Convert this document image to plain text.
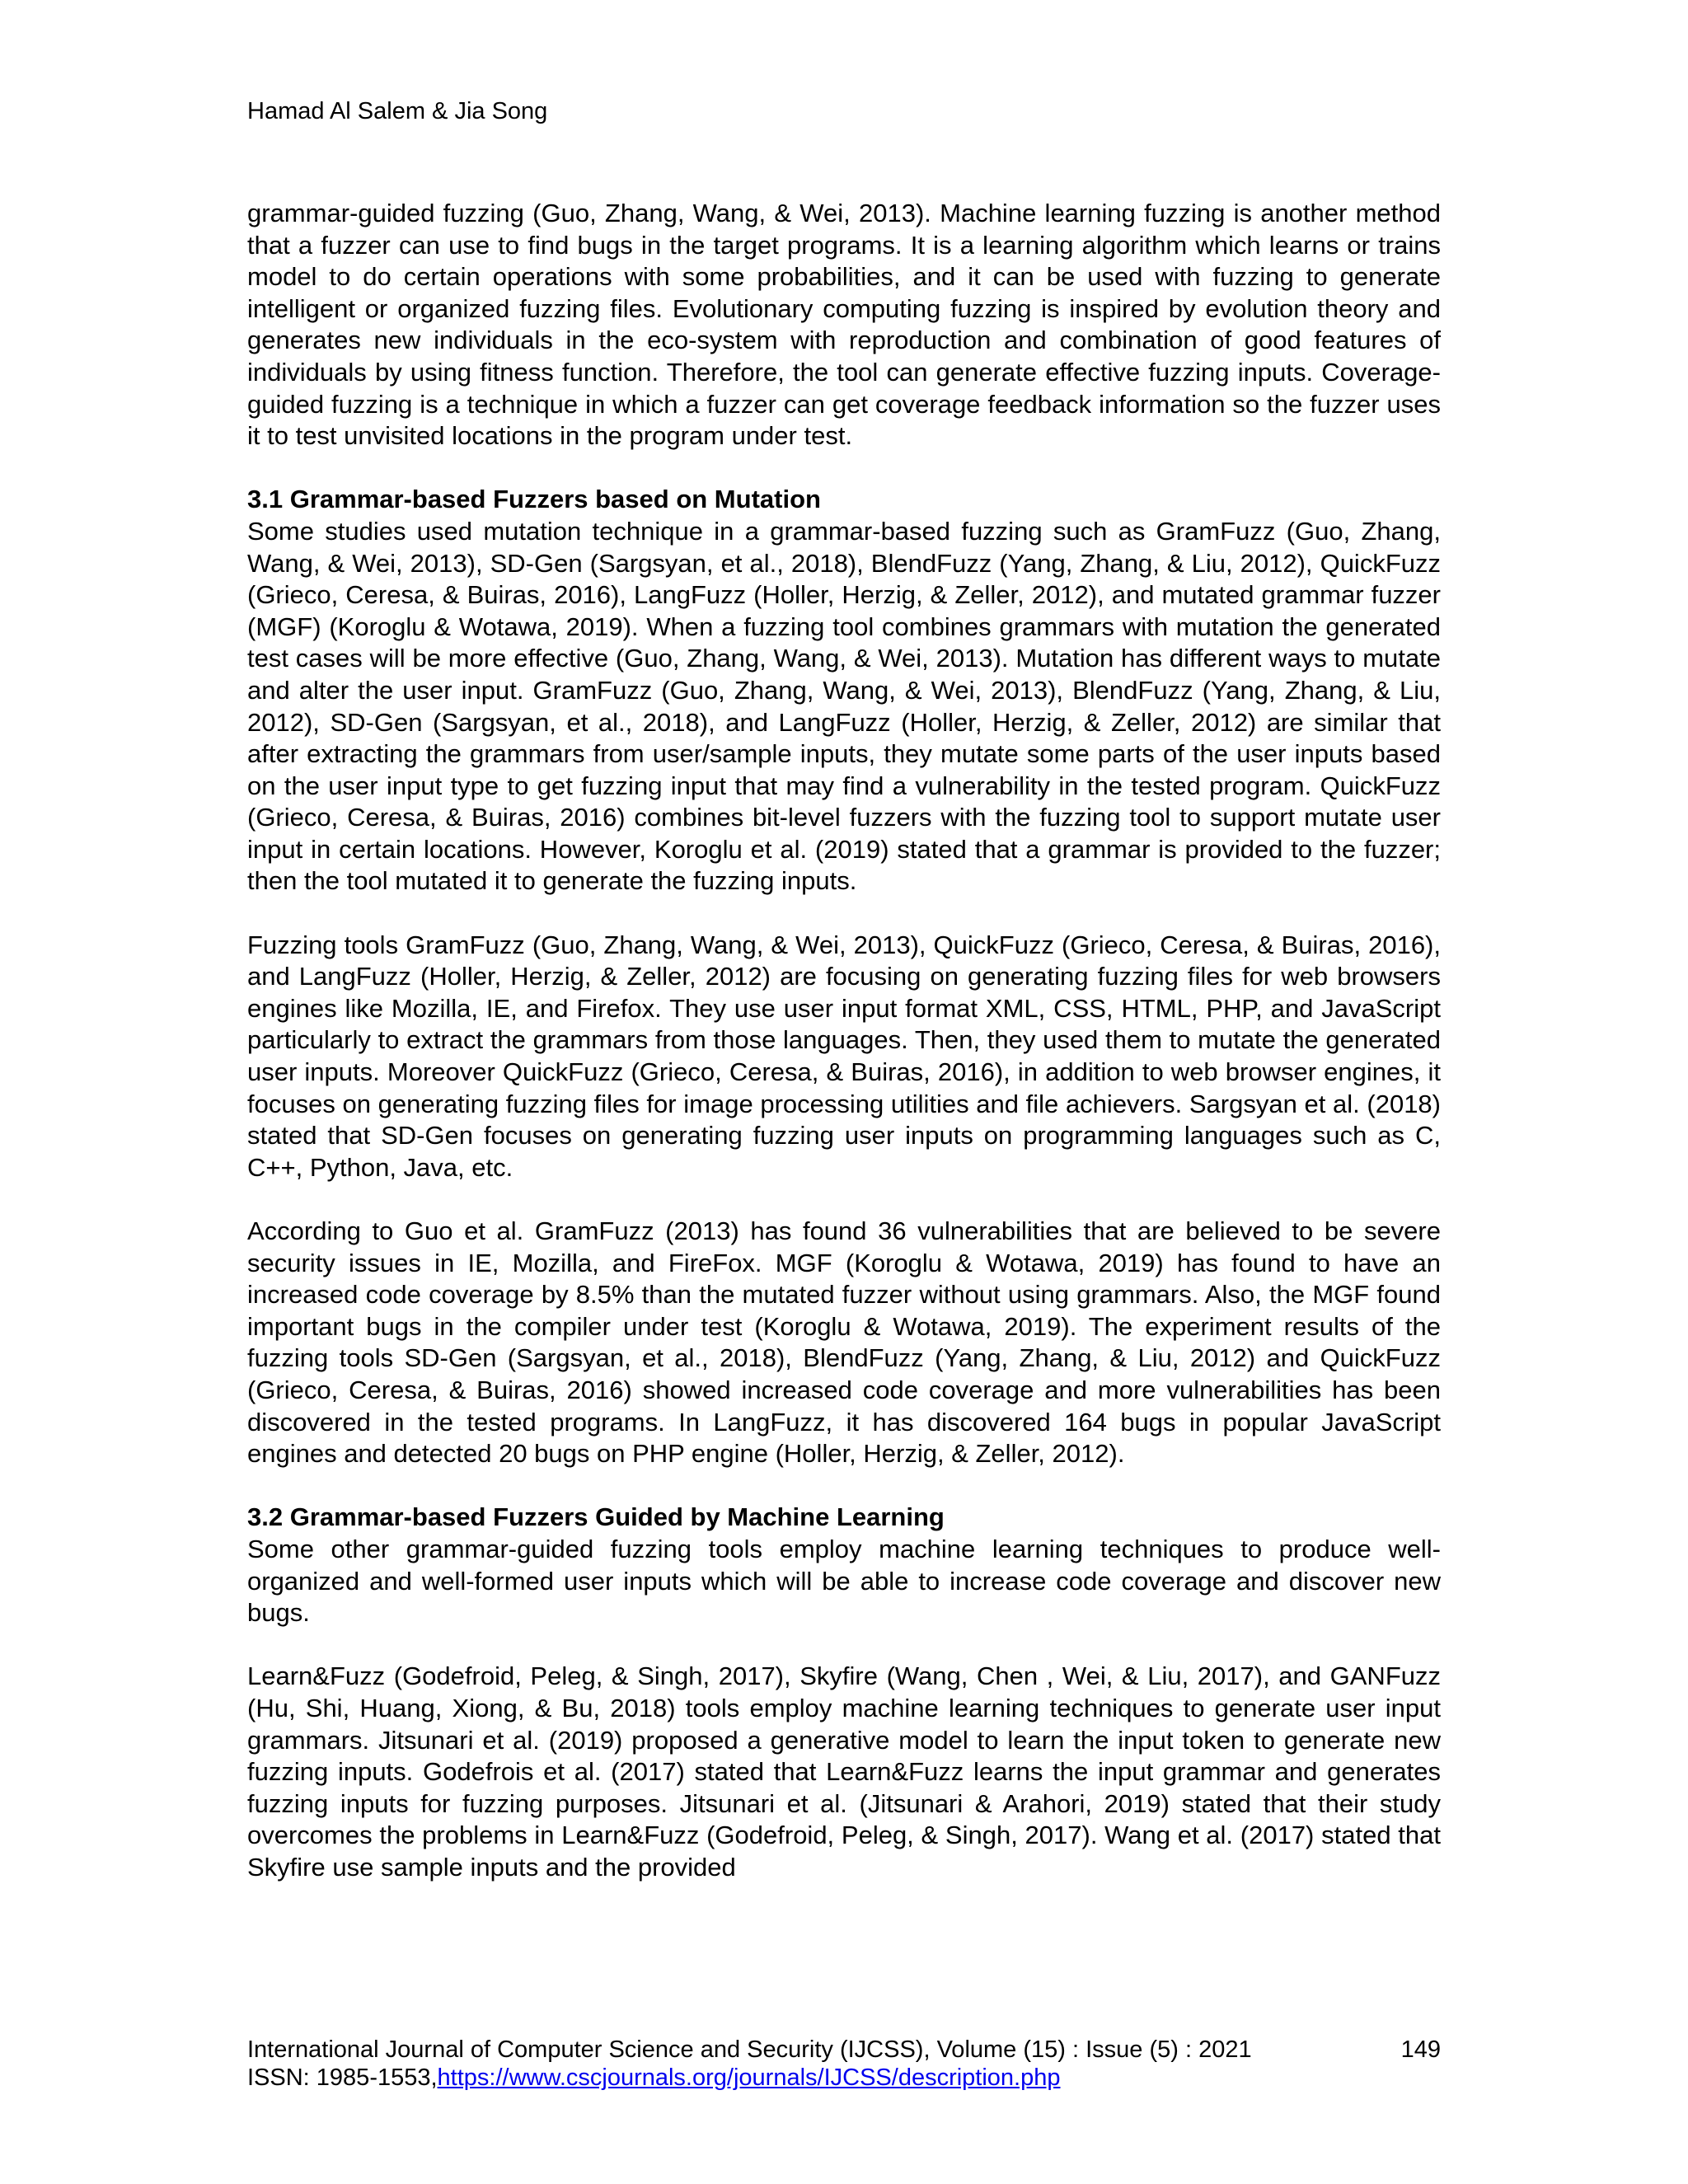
Hamad Al Salem & Jia Song

grammar-guided fuzzing (Guo, Zhang, Wang, & Wei, 2013). Machine learning fuzzing is another method that a fuzzer can use to find bugs in the target programs. It is a learning algorithm which learns or trains model to do certain operations with some probabilities, and it can be used with fuzzing to generate intelligent or organized fuzzing files. Evolutionary computing fuzzing is inspired by evolution theory and generates new individuals in the eco-system with reproduction and combination of good features of individuals by using fitness function. Therefore, the tool can generate effective fuzzing inputs. Coverage-guided fuzzing is a technique in which a fuzzer can get coverage feedback information so the fuzzer uses it to test unvisited locations in the program under test.

3.1 Grammar-based Fuzzers based on Mutation

Some studies used mutation technique in a grammar-based fuzzing such as GramFuzz (Guo, Zhang, Wang, & Wei, 2013), SD-Gen (Sargsyan, et al., 2018), BlendFuzz (Yang, Zhang, & Liu, 2012), QuickFuzz (Grieco, Ceresa, & Buiras, 2016), LangFuzz (Holler, Herzig, & Zeller, 2012), and mutated grammar fuzzer (MGF) (Koroglu & Wotawa, 2019). When a fuzzing tool combines grammars with mutation the generated test cases will be more effective (Guo, Zhang, Wang, & Wei, 2013). Mutation has different ways to mutate and alter the user input. GramFuzz (Guo, Zhang, Wang, & Wei, 2013), BlendFuzz (Yang, Zhang, & Liu, 2012), SD-Gen (Sargsyan, et al., 2018), and LangFuzz (Holler, Herzig, & Zeller, 2012) are similar that after extracting the grammars from user/sample inputs, they mutate some parts of the user inputs based on the user input type to get fuzzing input that may find a vulnerability in the tested program. QuickFuzz (Grieco, Ceresa, & Buiras, 2016) combines bit-level fuzzers with the fuzzing tool to support mutate user input in certain locations. However, Koroglu et al. (2019) stated that a grammar is provided to the fuzzer; then the tool mutated it to generate the fuzzing inputs.

Fuzzing tools GramFuzz (Guo, Zhang, Wang, & Wei, 2013), QuickFuzz (Grieco, Ceresa, & Buiras, 2016), and LangFuzz (Holler, Herzig, & Zeller, 2012) are focusing on generating fuzzing files for web browsers engines like Mozilla, IE, and Firefox. They use user input format XML, CSS, HTML, PHP, and JavaScript particularly to extract the grammars from those languages. Then, they used them to mutate the generated user inputs. Moreover QuickFuzz (Grieco, Ceresa, & Buiras, 2016), in addition to web browser engines, it focuses on generating fuzzing files for image processing utilities and file achievers. Sargsyan et al. (2018) stated that SD-Gen focuses on generating fuzzing user inputs on programming languages such as C, C++, Python, Java, etc.

According to Guo et al. GramFuzz (2013) has found 36 vulnerabilities that are believed to be severe security issues in IE, Mozilla, and FireFox. MGF (Koroglu & Wotawa, 2019) has found to have an increased code coverage by 8.5% than the mutated fuzzer without using grammars. Also, the MGF found important bugs in the compiler under test (Koroglu & Wotawa, 2019). The experiment results of the fuzzing tools SD-Gen (Sargsyan, et al., 2018), BlendFuzz (Yang, Zhang, & Liu, 2012) and QuickFuzz (Grieco, Ceresa, & Buiras, 2016) showed increased code coverage and more vulnerabilities has been discovered in the tested programs. In LangFuzz, it has discovered 164 bugs in popular JavaScript engines and detected 20 bugs on PHP engine (Holler, Herzig, & Zeller, 2012).

3.2 Grammar-based Fuzzers Guided by Machine Learning

Some other grammar-guided fuzzing tools employ machine learning techniques to produce well-organized and well-formed user inputs which will be able to increase code coverage and discover new bugs.

Learn&Fuzz (Godefroid, Peleg, & Singh, 2017), Skyfire (Wang, Chen , Wei, & Liu, 2017), and GANFuzz (Hu, Shi, Huang, Xiong, & Bu, 2018) tools employ machine learning techniques to generate user input grammars. Jitsunari et al. (2019) proposed a generative model to learn the input token to generate new fuzzing inputs. Godefrois et al. (2017) stated that Learn&Fuzz learns the input grammar and generates fuzzing inputs for fuzzing purposes. Jitsunari et al. (Jitsunari & Arahori, 2019) stated that their study overcomes the problems in Learn&Fuzz (Godefroid, Peleg, & Singh, 2017). Wang et al. (2017) stated that Skyfire use sample inputs and the provided

International Journal of Computer Science and Security (IJCSS), Volume (15) : Issue (5) : 2021	149
ISSN: 1985-1553, https://www.cscjournals.org/journals/IJCSS/description.php
